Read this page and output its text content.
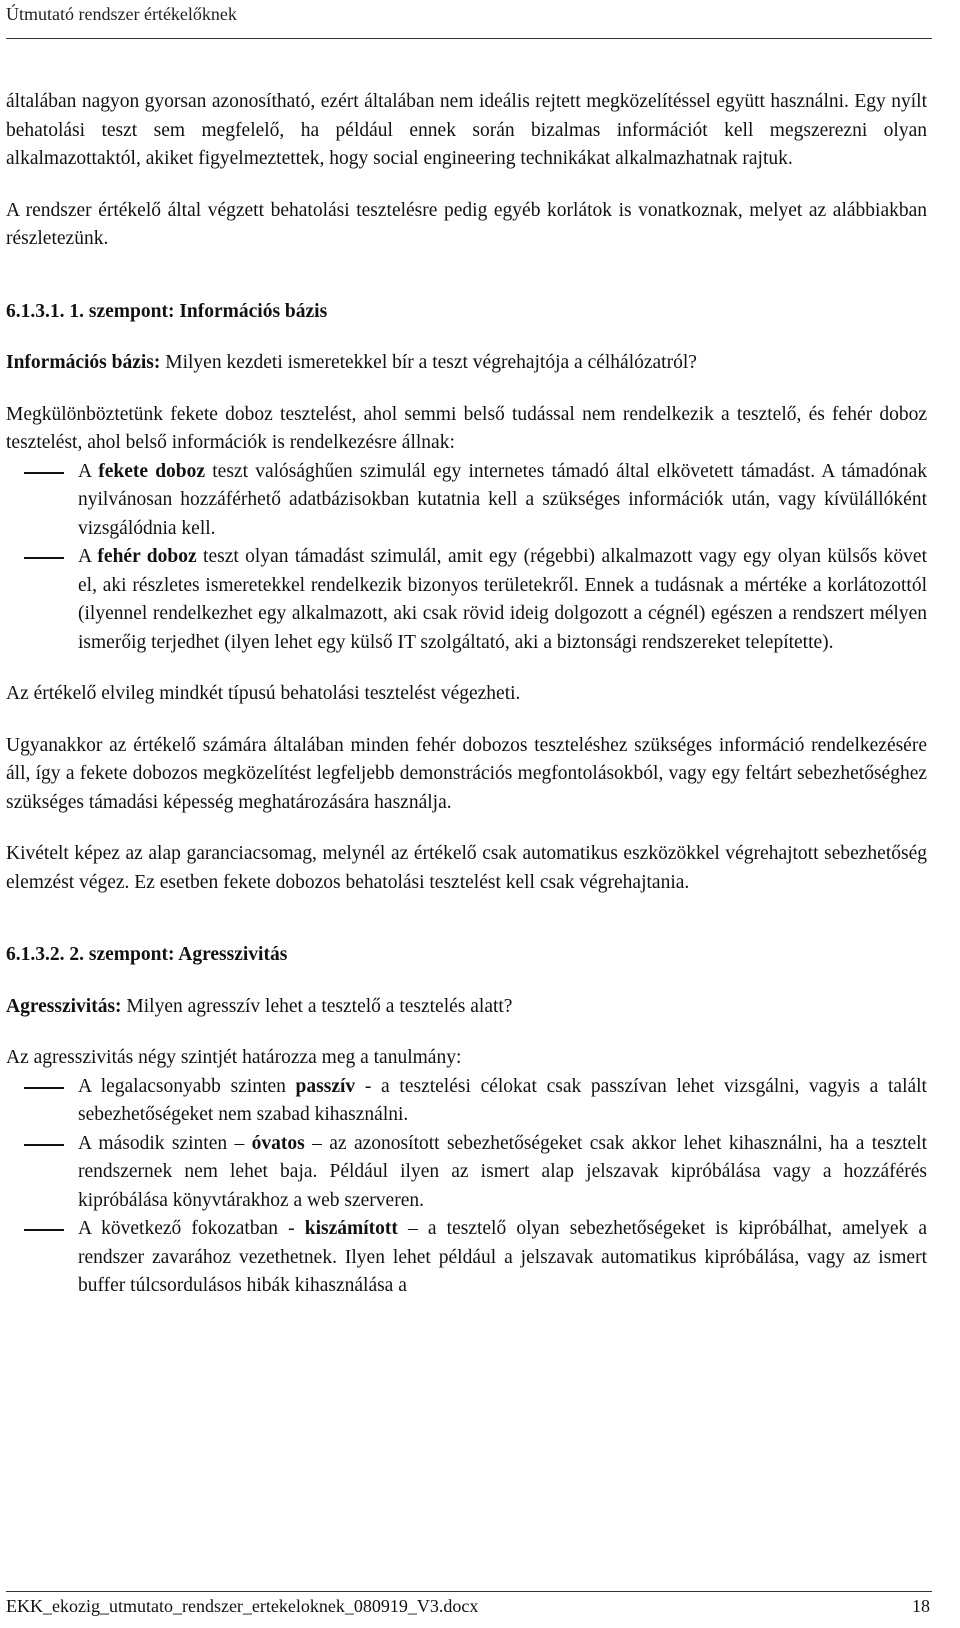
Útmutató rendszer értékelőknek

általában nagyon gyorsan azonosítható, ezért általában nem ideális rejtett megközelítéssel együtt használni. Egy nyílt behatolási teszt sem megfelelő, ha például ennek során bizalmas információt kell megszerezni olyan alkalmazottaktól, akiket figyelmeztettek, hogy social engineering technikákat alkalmazhatnak rajtuk.

A rendszer értékelő által végzett behatolási tesztelésre pedig egyéb korlátok is vonatkoznak, melyet az alábbiakban részletezünk.

6.1.3.1. 1. szempont: Információs bázis

Információs bázis: Milyen kezdeti ismeretekkel bír a teszt végrehajtója a célhálózatról?

Megkülönböztetünk fekete doboz tesztelést, ahol semmi belső tudással nem rendelkezik a tesztelő, és fehér doboz tesztelést, ahol belső információk is rendelkezésre állnak:

A fekete doboz teszt valósághűen szimulál egy internetes támadó által elkövetett támadást. A támadónak nyilvánosan hozzáférhető adatbázisokban kutatnia kell a szükséges információk után, vagy kívülállóként vizsgálódnia kell.

A fehér doboz teszt olyan támadást szimulál, amit egy (régebbi) alkalmazott vagy egy olyan külsős követ el, aki részletes ismeretekkel rendelkezik bizonyos területekről. Ennek a tudásnak a mértéke a korlátozottól (ilyennel rendelkezhet egy alkalmazott, aki csak rövid ideig dolgozott a cégnél) egészen a rendszert mélyen ismerőig terjedhet (ilyen lehet egy külső IT szolgáltató, aki a biztonsági rendszereket telepítette).

Az értékelő elvileg mindkét típusú behatolási tesztelést végezheti.

Ugyanakkor az értékelő számára általában minden fehér dobozos teszteléshez szükséges információ rendelkezésére áll, így a fekete dobozos megközelítést legfeljebb demonstrációs megfontolásokból, vagy egy feltárt sebezhetőséghez szükséges támadási képesség meghatározására használja.

Kivételt képez az alap garanciacsomag, melynél az értékelő csak automatikus eszközökkel végrehajtott sebezhetőség elemzést végez. Ez esetben fekete dobozos behatolási tesztelést kell csak végrehajtania.

6.1.3.2. 2. szempont: Agresszivitás

Agresszivitás: Milyen agresszív lehet a tesztelő a tesztelés alatt?

Az agresszivitás négy szintjét határozza meg a tanulmány:

A legalacsonyabb szinten passzív - a tesztelési célokat csak passzívan lehet vizsgálni, vagyis a talált sebezhetőségeket nem szabad kihasználni.

A második szinten – óvatos – az azonosított sebezhetőségeket csak akkor lehet kihasználni, ha a tesztelt rendszernek nem lehet baja. Például ilyen az ismert alap jelszavak kipróbálása vagy a hozzáférés kipróbálása könyvtárakhoz a web szerveren.

A következő fokozatban - kiszámított – a tesztelő olyan sebezhetőségeket is kipróbálhat, amelyek a rendszer zavarához vezethetnek. Ilyen lehet például a jelszavak automatikus kipróbálása, vagy az ismert buffer túlcsordulásos hibák kihasználása a

EKK_ekozig_utmutato_rendszer_ertekeloknek_080919_V3.docx	18
